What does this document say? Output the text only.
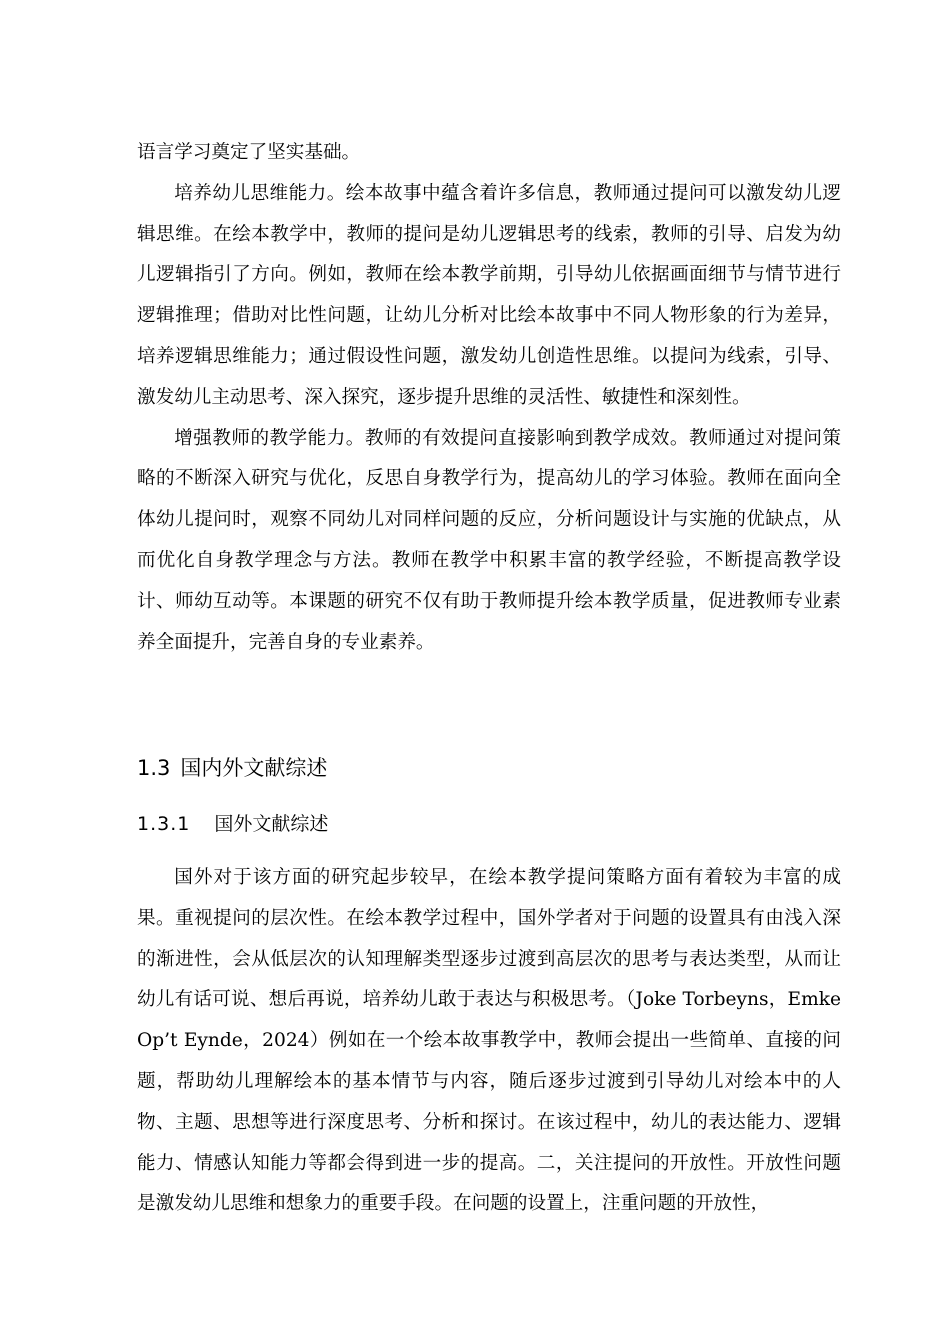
语言学习奠定了坚实基础。

培养幼儿思维能力。绘本故事中蕴含着许多信息，教师通过提问可以激发幼儿逻辑思维。在绘本教学中，教师的提问是幼儿逻辑思考的线索，教师的引导、启发为幼儿逻辑指引了方向。例如，教师在绘本教学前期，引导幼儿依据画面细节与情节进行逻辑推理；借助对比性问题，让幼儿分析对比绘本故事中不同人物形象的行为差异，培养逻辑思维能力；通过假设性问题，激发幼儿创造性思维。以提问为线索，引导、激发幼儿主动思考、深入探究，逐步提升思维的灵活性、敏捷性和深刻性。

增强教师的教学能力。教师的有效提问直接影响到教学成效。教师通过对提问策略的不断深入研究与优化，反思自身教学行为，提高幼儿的学习体验。教师在面向全体幼儿提问时，观察不同幼儿对同样问题的反应，分析问题设计与实施的优缺点，从而优化自身教学理念与方法。教师在教学中积累丰富的教学经验，不断提高教学设计、师幼互动等。本课题的研究不仅有助于教师提升绘本教学质量，促进教师专业素养全面提升，完善自身的专业素养。

1.3 国内外文献综述
1.3.1 国外文献综述

国外对于该方面的研究起步较早，在绘本教学提问策略方面有着较为丰富的成果。重视提问的层次性。在绘本教学过程中，国外学者对于问题的设置具有由浅入深的渐进性，会从低层次的认知理解类型逐步过渡到高层次的思考与表达类型，从而让幼儿有话可说、想后再说，培养幼儿敢于表达与积极思考。（Joke Torbeyns，Emke Op’t Eynde，2024）例如在一个绘本故事教学中，教师会提出一些简单、直接的问题，帮助幼儿理解绘本的基本情节与内容，随后逐步过渡到引导幼儿对绘本中的人物、主题、思想等进行深度思考、分析和探讨。在该过程中，幼儿的表达能力、逻辑能力、情感认知能力等都会得到进一步的提高。二，关注提问的开放性。开放性问题是激发幼儿思维和想象力的重要手段。在问题的设置上，注重问题的开放性，
